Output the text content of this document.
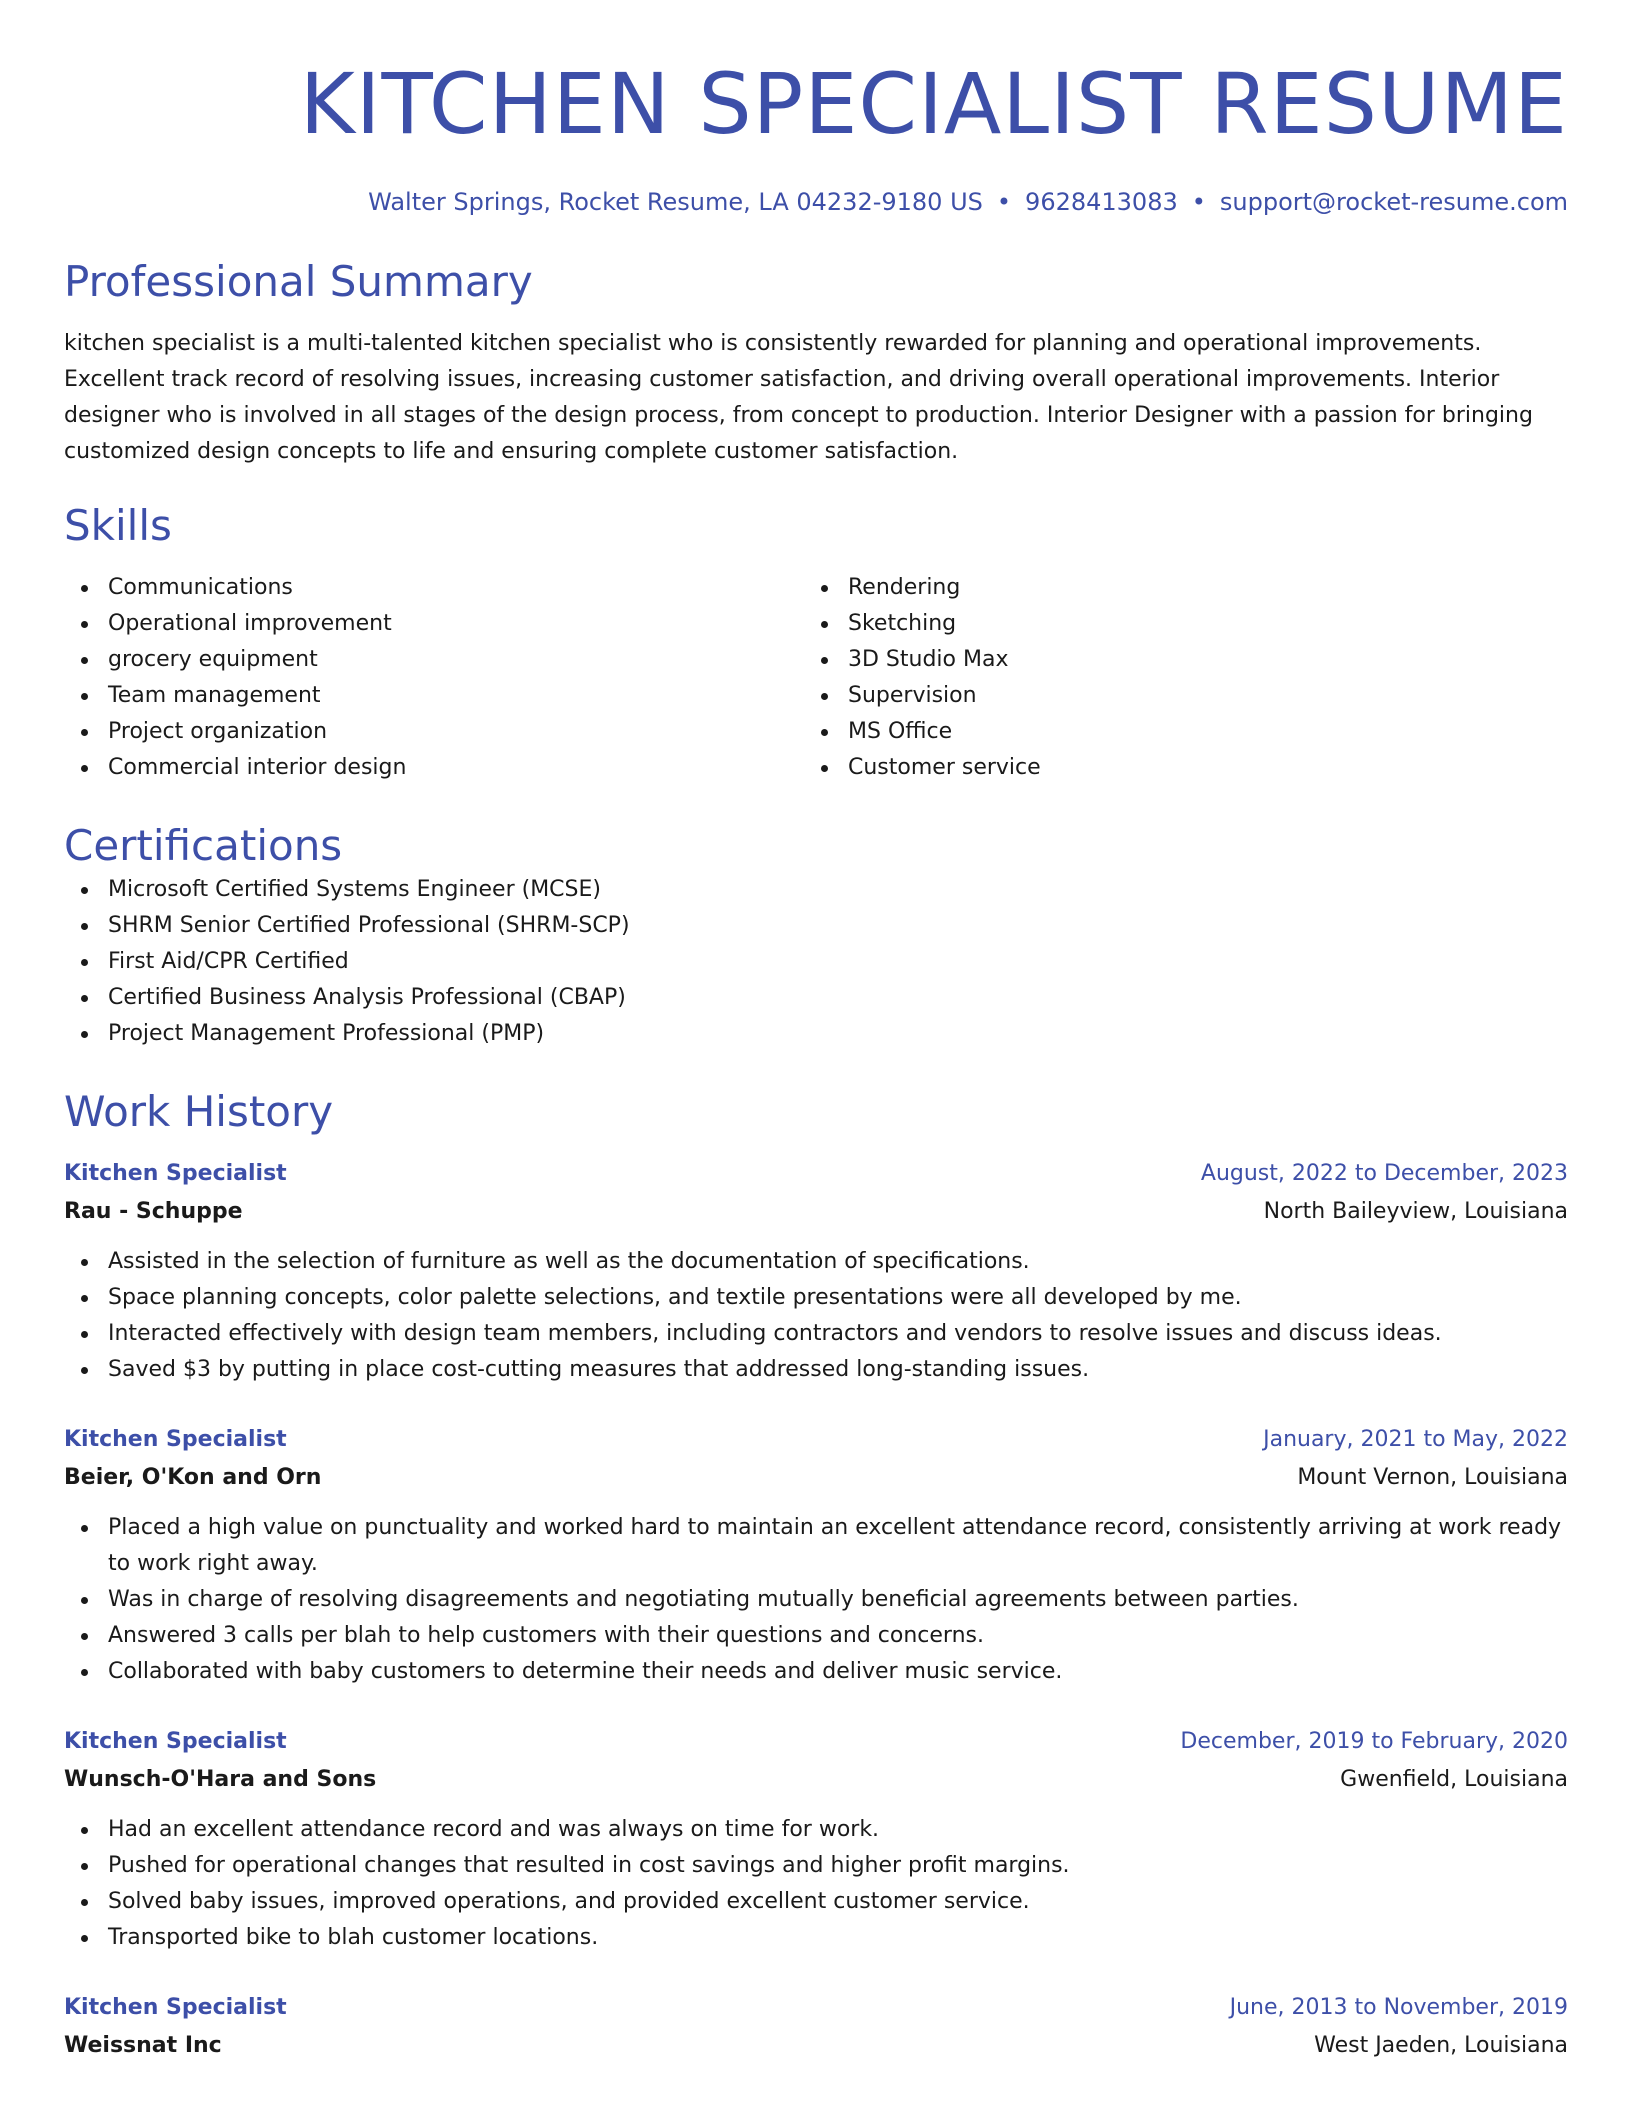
KITCHEN SPECIALIST RESUME
Walter Springs, Rocket Resume, LA 04232-9180 US • 9628413083 • support@rocket-resume.com
Professional Summary

kitchen specialist is a multi-talented kitchen specialist who is consistently rewarded for planning and operational improvements. Excellent track record of resolving issues, increasing customer satisfaction, and driving overall operational improvements. Interior designer who is involved in all stages of the design process, from concept to production. Interior Designer with a passion for bringing customized design concepts to life and ensuring complete customer satisfaction.

Skills
Communications
Operational improvement
grocery equipment
Team management
Project organization
Commercial interior design
Rendering
Sketching
3D Studio Max
Supervision
MS Office
Customer service
Certifications
Microsoft Certified Systems Engineer (MCSE)
SHRM Senior Certified Professional (SHRM-SCP)
First Aid/CPR Certified
Certified Business Analysis Professional (CBAP)
Project Management Professional (PMP)
Work History
Kitchen Specialist	August, 2022 to December, 2023
Rau - Schuppe	North Baileyview, Louisiana
Assisted in the selection of furniture as well as the documentation of specifications.
Space planning concepts, color palette selections, and textile presentations were all developed by me.
Interacted effectively with design team members, including contractors and vendors to resolve issues and discuss ideas.
Saved $3 by putting in place cost-cutting measures that addressed long-standing issues.
Kitchen Specialist	January, 2021 to May, 2022
Beier, O'Kon and Orn	Mount Vernon, Louisiana
Placed a high value on punctuality and worked hard to maintain an excellent attendance record, consistently arriving at work ready to work right away.
Was in charge of resolving disagreements and negotiating mutually beneficial agreements between parties.
Answered 3 calls per blah to help customers with their questions and concerns.
Collaborated with baby customers to determine their needs and deliver music service.
Kitchen Specialist	December, 2019 to February, 2020
Wunsch-O'Hara and Sons	Gwenfield, Louisiana
Had an excellent attendance record and was always on time for work.
Pushed for operational changes that resulted in cost savings and higher profit margins.
Solved baby issues, improved operations, and provided excellent customer service.
Transported bike to blah customer locations.
Kitchen Specialist	June, 2013 to November, 2019
Weissnat Inc	West Jaeden, Louisiana
